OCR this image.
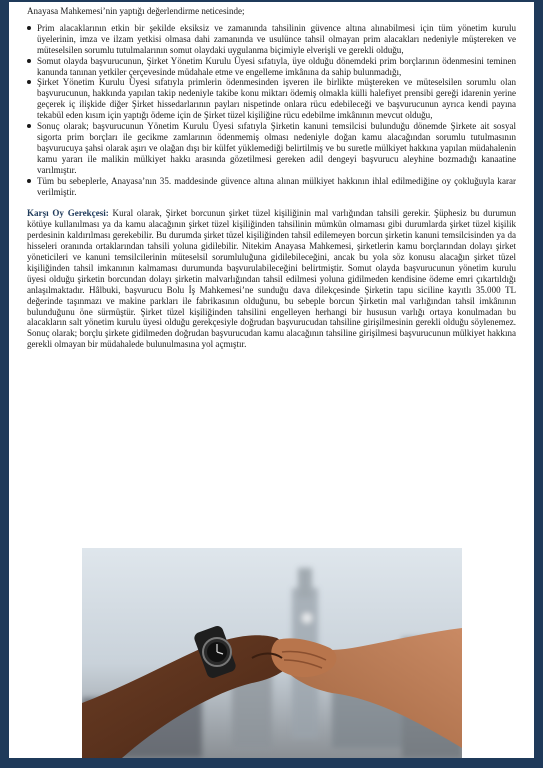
Anayasa Mahkemesi’nin yaptığı değerlendirme neticesinde;

Prim alacaklarının etkin bir şekilde eksiksiz ve zamanında tahsilinin güvence altına alınabilmesi için tüm yönetim kurulu üyelerinin, imza ve ilzam yetkisi olmasa dahi zamanında ve usulünce tahsil olmayan prim alacakları nedeniyle müştereken ve müteselsilen sorumlu tutulmalarının somut olaydaki uygulanma biçimiyle elverişli ve gerekli olduğu,
Somut olayda başvurucunun, Şirket Yönetim Kurulu Üyesi sıfatıyla, üye olduğu dönemdeki prim borçlarının ödenmesini teminen kanunda tanınan yetkiler çerçevesinde müdahale etme ve engelleme imkânına da sahip bulunmadığı,
Şirket Yönetim Kurulu Üyesi sıfatıyla primlerin ödenmesinden işveren ile birlikte müştereken ve müteselsilen sorumlu olan başvurucunun, hakkında yapılan takip nedeniyle takibe konu miktarı ödemiş olmakla külli halefiyet prensibi gereği idarenin yerine geçerek iç ilişkide diğer Şirket hissedarlarının payları nispetinde onlara rücu edebileceği ve başvurucunun ayrıca kendi payına tekabül eden kısım için yaptığı ödeme için de Şirket tüzel kişiliğine rücu edebilme imkânının mevcut olduğu,
Sonuç olarak; başvurucunun Yönetim Kurulu Üyesi sıfatıyla Şirketin kanuni temsilcisi bulunduğu dönemde Şirkete ait sosyal sigorta prim borçları ile gecikme zamlarının ödenmemiş olması nedeniyle doğan kamu alacağından sorumlu tutulmasının başvurucuya şahsi olarak aşırı ve olağan dışı bir külfet yüklemediği belirtilmiş ve bu suretle mülkiyet hakkına yapılan müdahalenin kamu yararı ile malikin mülkiyet hakkı arasında gözetilmesi gereken adil dengeyi başvurucu aleyhine bozmadığı kanaatine varılmıştır.
Tüm bu sebeplerle, Anayasa’nın 35. maddesinde güvence altına alınan mülkiyet hakkının ihlal edilmediğine oy çokluğuyla karar verilmiştir.

Karşı Oy Gerekçesi: Kural olarak, Şirket borcunun şirket tüzel kişiliğinin mal varlığından tahsili gerekir. Şüphesiz bu durumun kötüye kullanılması ya da kamu alacağının şirket tüzel kişiliğinden tahsilinin mümkün olmaması gibi durumlarda şirket tüzel kişilik perdesinin kaldırılması gerekebilir. Bu durumda şirket tüzel kişiliğinden tahsil edilemeyen borcun şirketin kanuni temsilcisinden ya da hisseleri oranında ortaklarından tahsili yoluna gidilebilir. Nitekim Anayasa Mahkemesi, şirketlerin kamu borçlarından dolayı şirket yöneticileri ve kanuni temsilcilerinin müteselsil sorumluluğuna gidilebileceğini, ancak bu yola söz konusu alacağın şirket tüzel kişiliğinden tahsil imkanının kalmaması durumunda başvurulabileceğini belirtmiştir. Somut olayda başvurucunun yönetim kurulu üyesi olduğu şirketin borcundan dolayı şirketin malvarlığından tahsil edilmesi yoluna gidilmeden kendisine ödeme emri çıkartıldığı anlaşılmaktadır. Hâlbuki, başvurucu Bolu İş Mahkemesi’ne sunduğu dava dilekçesinde Şirketin tapu siciline kayıtlı 35.000 TL değerinde taşınmazı ve makine parkları ile fabrikasının olduğunu, bu sebeple borcun Şirketin mal varlığından tahsil imkânının bulunduğunu öne sürmüştür. Şirket tüzel kişiliğinden tahsilini engelleyen herhangi bir hususun varlığı ortaya konulmadan bu alacakların salt yönetim kurulu üyesi olduğu gerekçesiyle doğrudan başvurucudan tahsiline girişilmesinin gerekli olduğu söylenemez. Sonuç olarak; borçlu şirkete gidilmeden doğrudan başvurucudan kamu alacağının tahsiline girişilmesi başvurucunun mülkiyet hakkına gerekli olmayan bir müdahalede bulunulmasına yol açmıştır.
